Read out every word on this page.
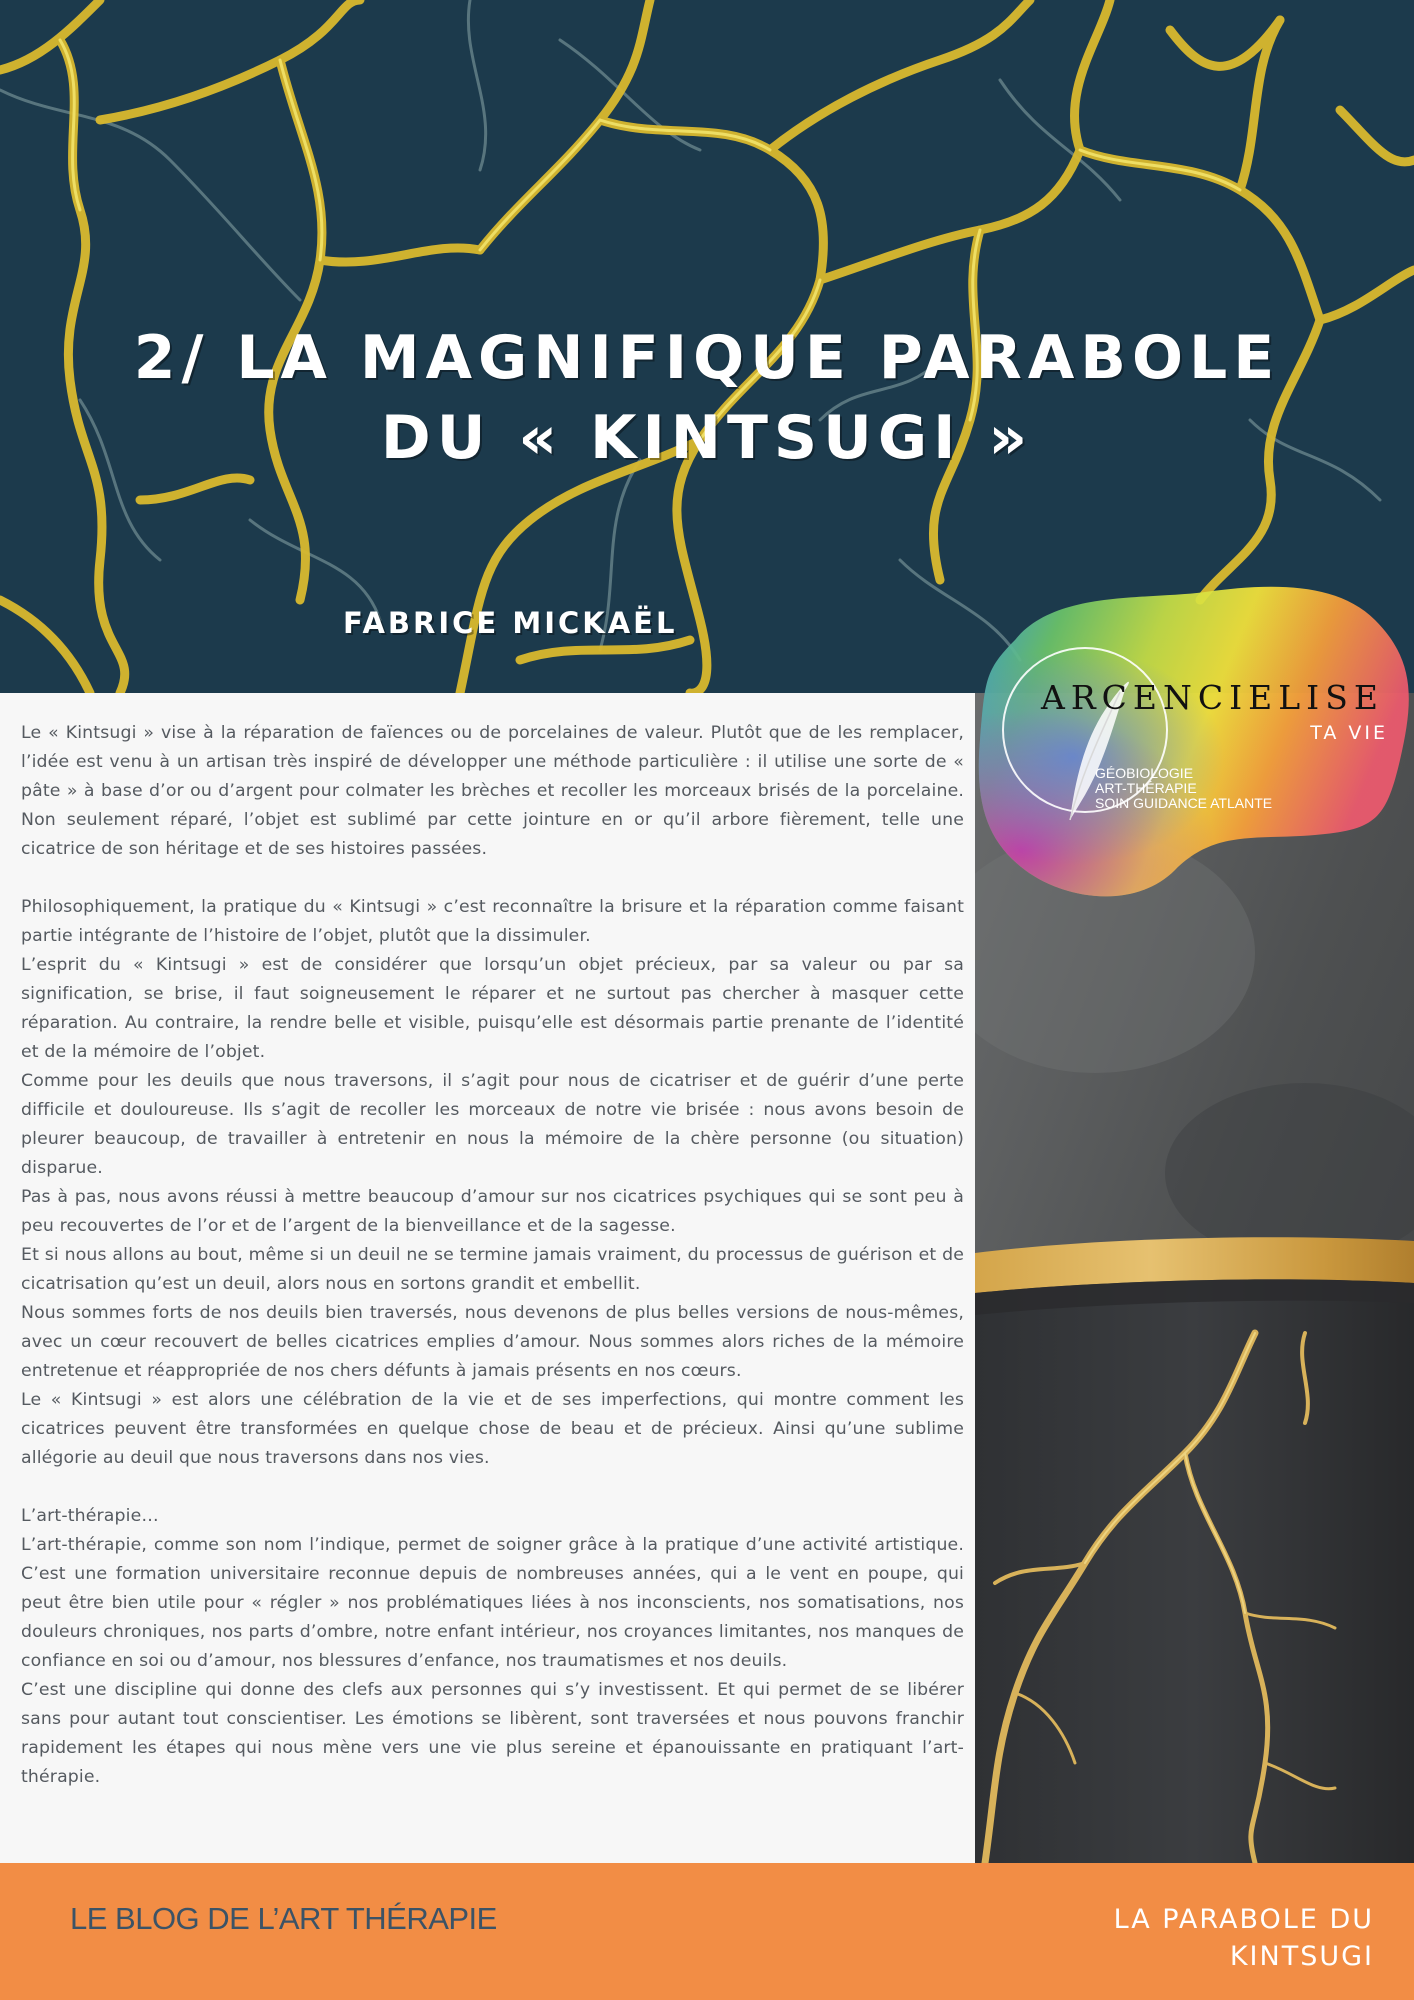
2/ LA MAGNIFIQUE PARABOLE
DU « KINTSUGI »
FABRICE MICKAËL
ARCENCIELISE
TA VIE
GÉOBIOLOGIE
ART-THÉRAPIE
SOIN GUIDANCE ATLANTE

Le « Kintsugi » vise à la réparation de faïences ou de porcelaines de valeur. Plutôt que de les remplacer, l’idée est venu à un artisan très inspiré de développer une méthode particulière : il utilise une sorte de « pâte » à base d’or ou d’argent pour colmater les brèches et recoller les morceaux brisés de la porcelaine. Non seulement réparé, l’objet est sublimé par cette jointure en or qu’il arbore fièrement, telle une cicatrice de son héritage et de ses histoires passées.

Philosophiquement, la pratique du « Kintsugi » c’est reconnaître la brisure et la réparation comme faisant partie intégrante de l’histoire de l’objet, plutôt que la dissimuler.

L’esprit du « Kintsugi » est de considérer que lorsqu’un objet précieux, par sa valeur ou par sa signification, se brise, il faut soigneusement le réparer et ne surtout pas chercher à masquer cette réparation. Au contraire, la rendre belle et visible, puisqu’elle est désormais partie prenante de l’identité et de la mémoire de l’objet.

Comme pour les deuils que nous traversons, il s’agit pour nous de cicatriser et de guérir d’une perte difficile et douloureuse. Ils s’agit de recoller les morceaux de notre vie brisée : nous avons besoin de pleurer beaucoup, de travailler à entretenir en nous la mémoire de la chère personne (ou situation) disparue.

Pas à pas, nous avons réussi à mettre beaucoup d’amour sur nos cicatrices psychiques qui se sont peu à peu recouvertes de l’or et de l’argent de la bienveillance et de la sagesse.

Et si nous allons au bout, même si un deuil ne se termine jamais vraiment, du processus de guérison et de cicatrisation qu’est un deuil, alors nous en sortons grandit et embellit.

Nous sommes forts de nos deuils bien traversés, nous devenons de plus belles versions de nous-mêmes, avec un cœur recouvert de belles cicatrices emplies d’amour. Nous sommes alors riches de la mémoire entretenue et réappropriée de nos chers défunts à jamais présents en nos cœurs.

Le « Kintsugi » est alors une célébration de la vie et de ses imperfections, qui montre comment les cicatrices peuvent être transformées en quelque chose de beau et de précieux. Ainsi qu’une sublime allégorie au deuil que nous traversons dans nos vies.

L’art-thérapie…

L’art-thérapie, comme son nom l’indique, permet de soigner grâce à la pratique d’une activité artistique. C’est une formation universitaire reconnue depuis de nombreuses années, qui a le vent en poupe, qui peut être bien utile pour « régler » nos problématiques liées à nos inconscients, nos somatisations, nos douleurs chroniques, nos parts d’ombre, notre enfant intérieur, nos croyances limitantes, nos manques de confiance en soi ou d’amour, nos blessures d’enfance, nos traumatismes et nos deuils.

C’est une discipline qui donne des clefs aux personnes qui s’y investissent. Et qui permet de se libérer sans pour autant tout conscientiser. Les émotions se libèrent, sont traversées et nous pouvons franchir rapidement les étapes qui nous mène vers une vie plus sereine et épanouissante en pratiquant l’art-thérapie.

LE BLOG DE L’ART THÉRAPIE	LA PARABOLE DU KINTSUGI
